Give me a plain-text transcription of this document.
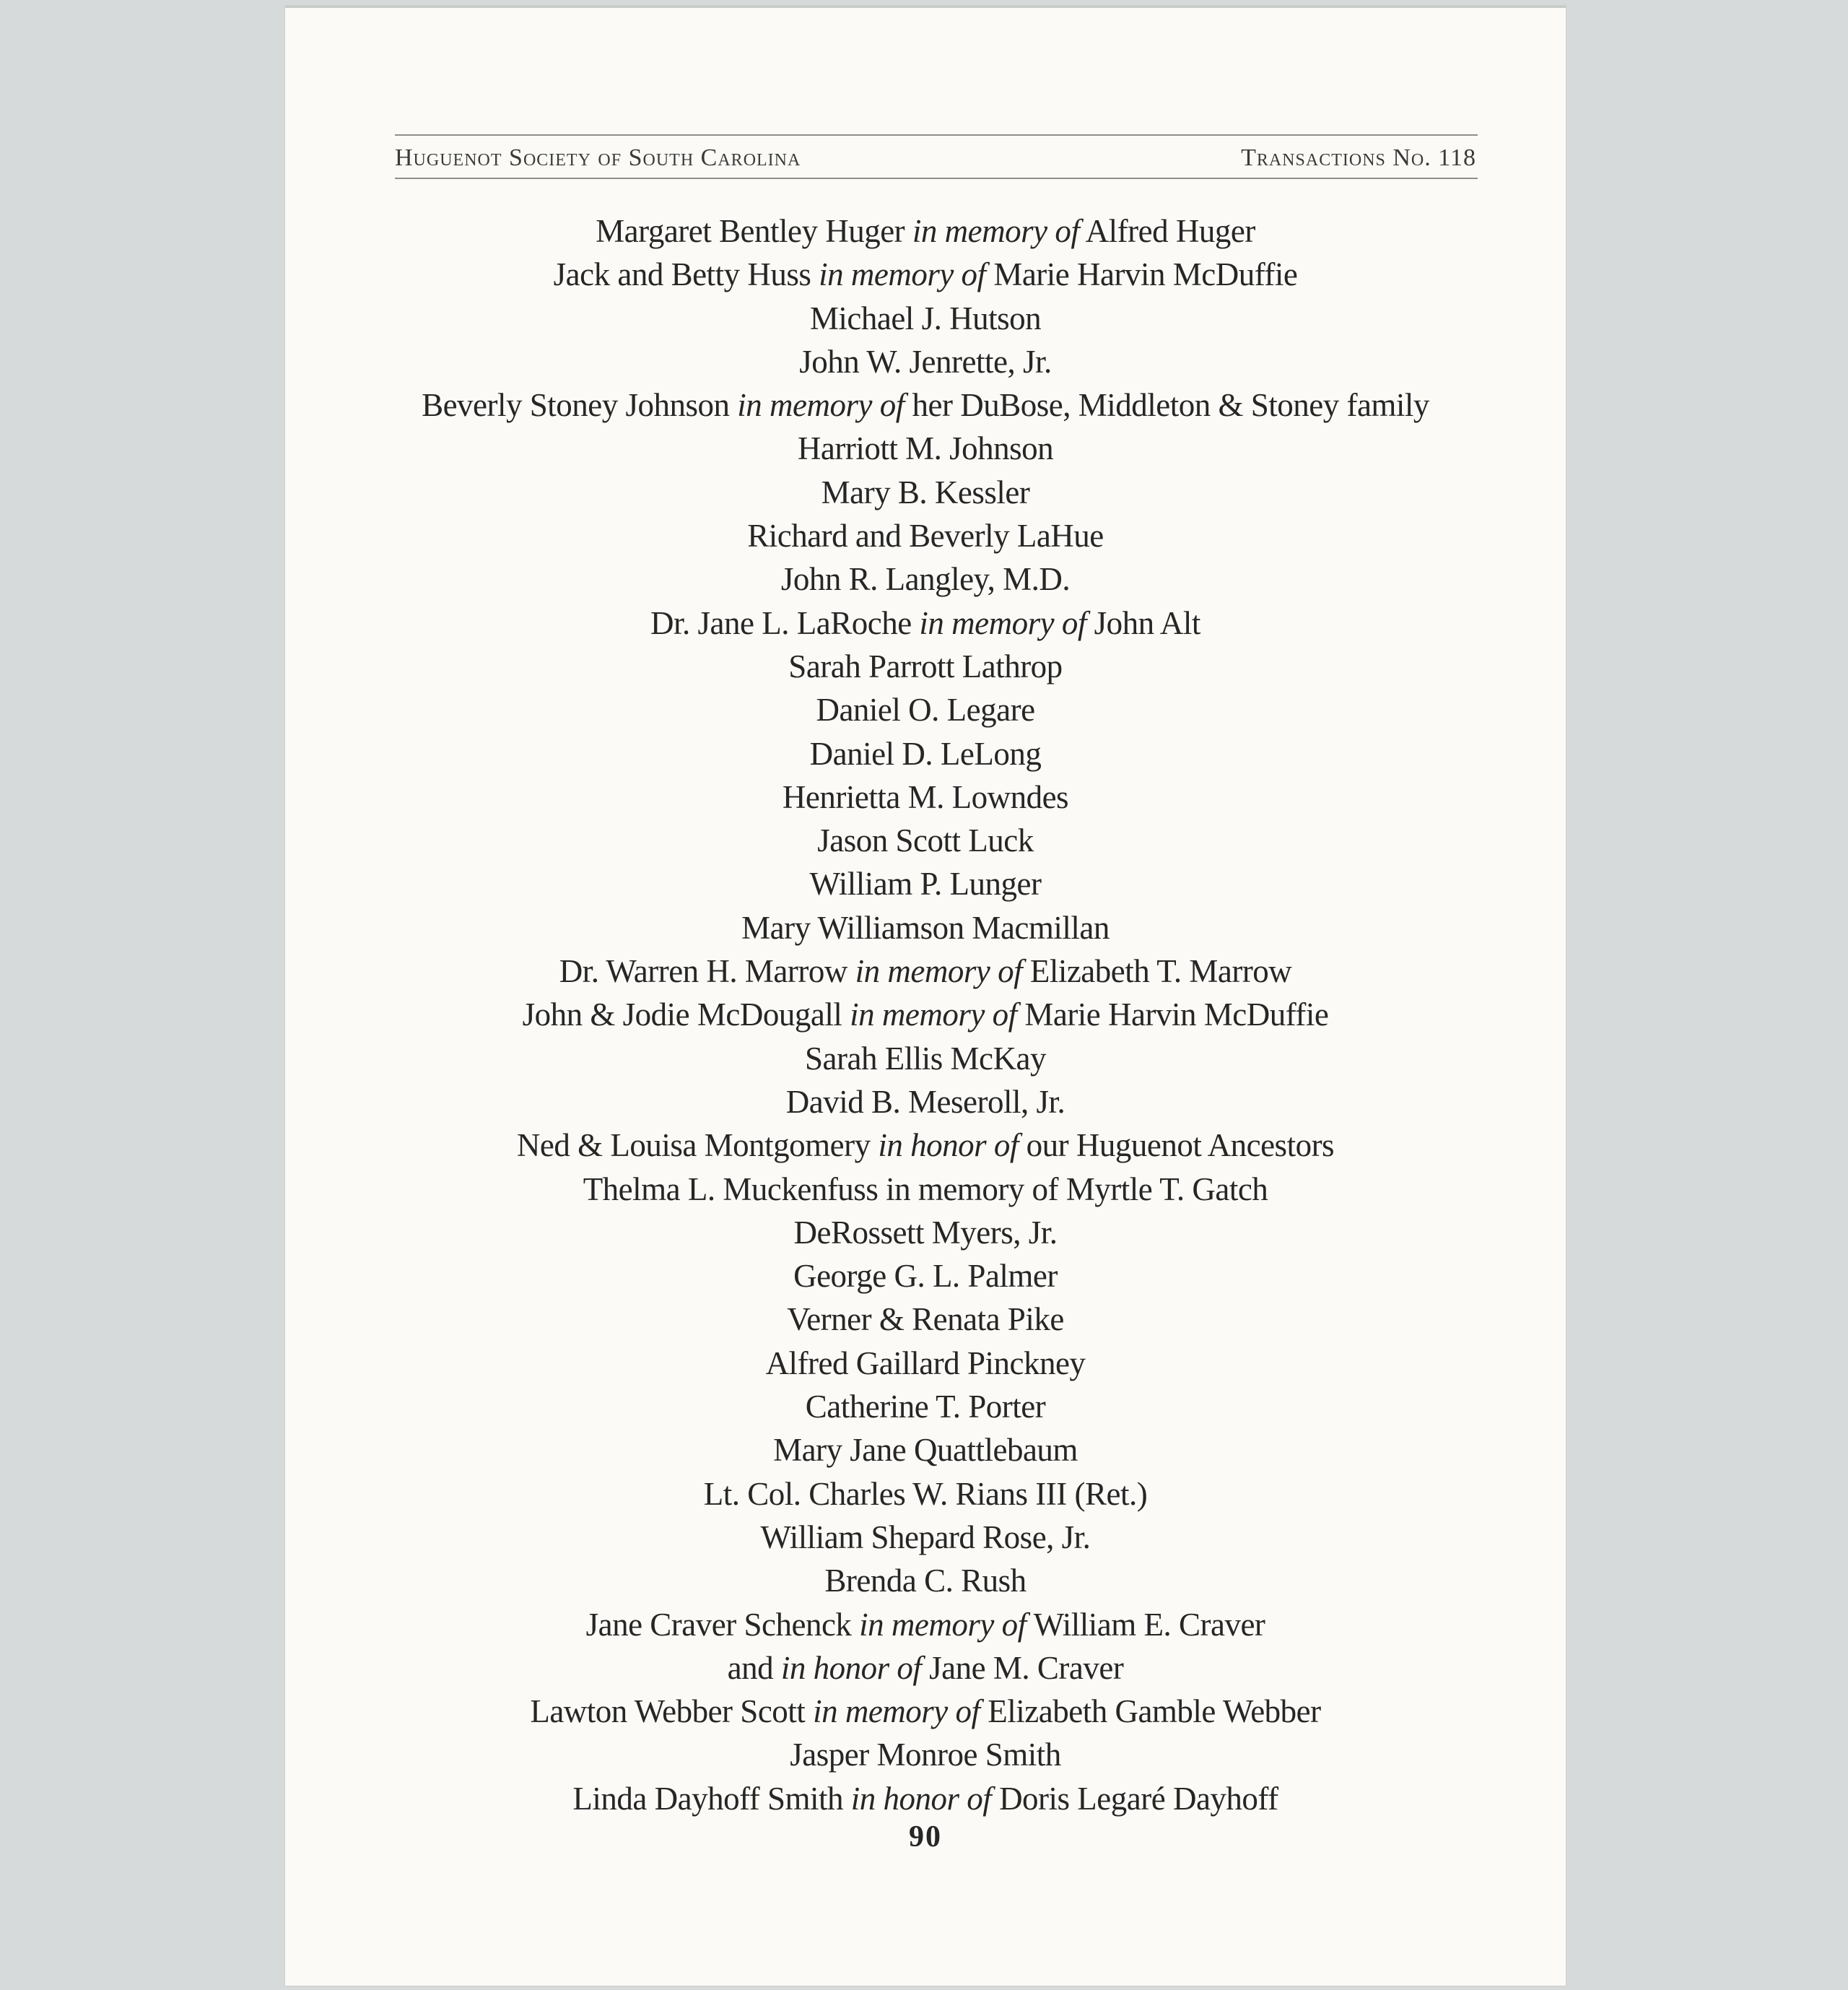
Huguenot Society of South Carolina	Transactions No. 118
Margaret Bentley Huger in memory of Alfred Huger
Jack and Betty Huss in memory of Marie Harvin McDuffie
Michael J. Hutson
John W. Jenrette, Jr.
Beverly Stoney Johnson in memory of her DuBose, Middleton & Stoney family
Harriott M. Johnson
Mary B. Kessler
Richard and Beverly LaHue
John R. Langley, M.D.
Dr. Jane L. LaRoche in memory of John Alt
Sarah Parrott Lathrop
Daniel O. Legare
Daniel D. LeLong
Henrietta M. Lowndes
Jason Scott Luck
William P. Lunger
Mary Williamson Macmillan
Dr. Warren H. Marrow in memory of Elizabeth T. Marrow
John & Jodie McDougall in memory of Marie Harvin McDuffie
Sarah Ellis McKay
David B. Meseroll, Jr.
Ned & Louisa Montgomery in honor of our Huguenot Ancestors
Thelma L. Muckenfuss in memory of Myrtle T. Gatch
DeRossett Myers, Jr.
George G. L. Palmer
Verner & Renata Pike
Alfred Gaillard Pinckney
Catherine T. Porter
Mary Jane Quattlebaum
Lt. Col. Charles W. Rians III (Ret.)
William Shepard Rose, Jr.
Brenda C. Rush
Jane Craver Schenck in memory of William E. Craver
and in honor of Jane M. Craver
Lawton Webber Scott in memory of Elizabeth Gamble Webber
Jasper Monroe Smith
Linda Dayhoff Smith in honor of Doris Legaré Dayhoff
90
